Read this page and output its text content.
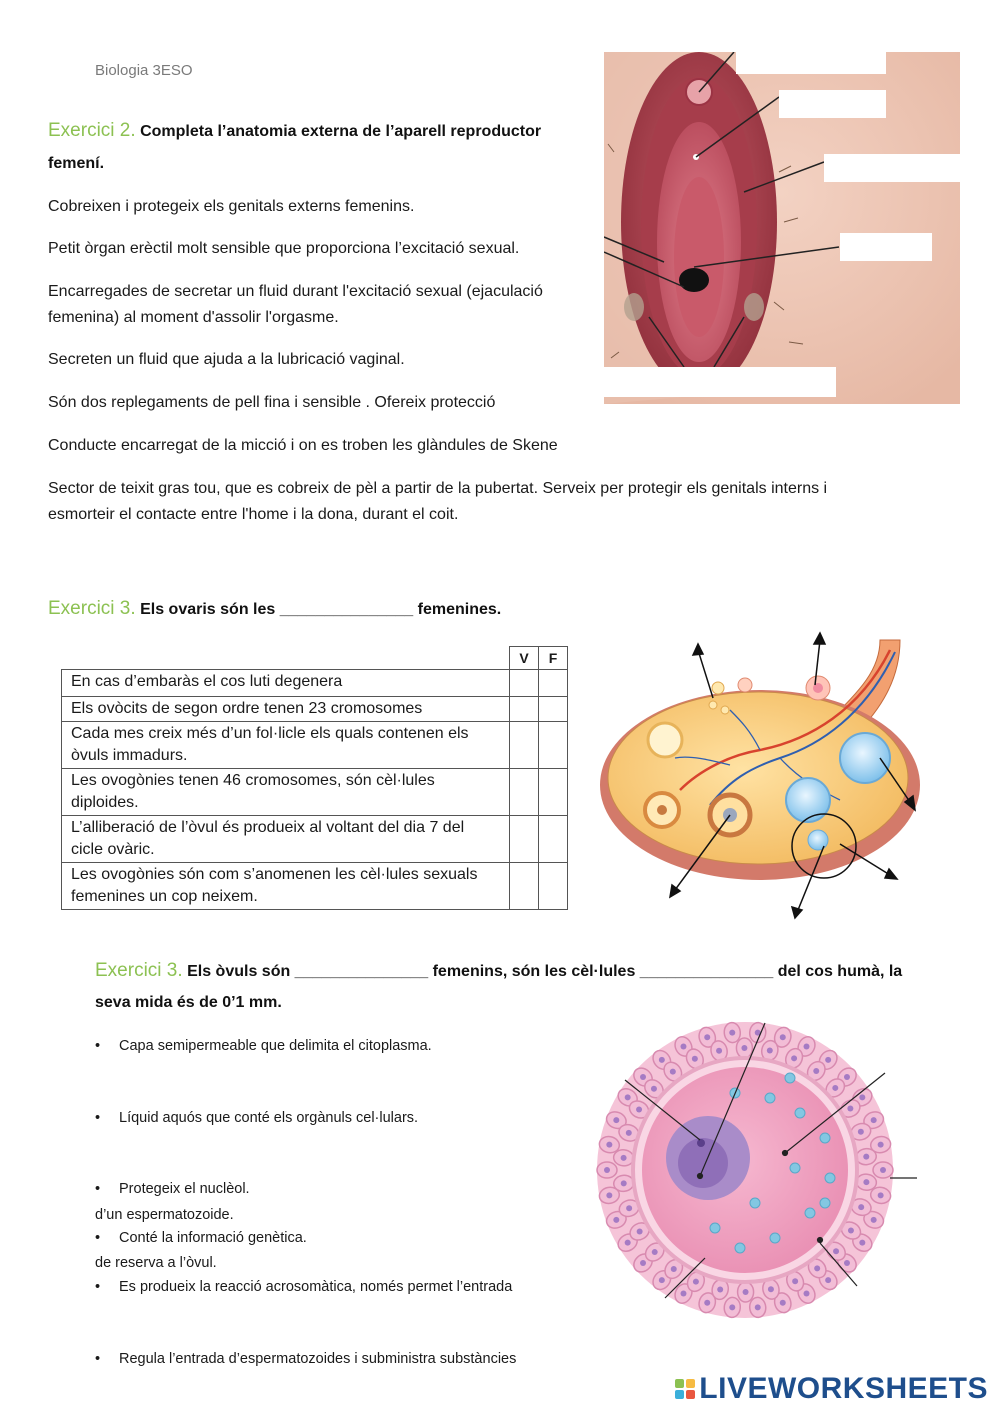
Biologia 3ESO
Exercici 2. Completa l’anatomia externa de l’aparell reproductor
femení.
Cobreixen i protegeix els genitals externs femenins.
Petit òrgan erèctil molt sensible que proporciona l’excitació sexual.
Encarregades de secretar un fluid durant l'excitació sexual (ejaculació
femenina) al moment d'assolir l'orgasme.
Secreten un fluid que ajuda a la lubricació vaginal.
Són dos replegaments de pell fina i sensible . Ofereix protecció
Conducte encarregat de la micció i on es troben les glàndules de Skene
Sector de teixit gras tou, que es cobreix de pèl a partir de la pubertat. Serveix per protegir els genitals interns i
esmorteir el contacte entre l'home i la dona, durant el coit.
Exercici 3. Els ovaris són les _______________ femenines.
	V	F
En cas d’embaràs el cos luti degenera		
Els ovòcits de segon ordre tenen 23 cromosomes		
Cada mes creix més d’un fol·licle els quals contenen els òvuls immadurs.		
Les ovogònies tenen 46 cromosomes, són cèl·lules diploides.		
L’alliberació de l’òvul és produeix al voltant del dia 7 del cicle ovàric.		
Les ovogònies són com s’anomenen les cèl·lules sexuals femenines un cop neixem.		
Exercici 3. Els òvuls són _______________ femenins, són les cèl·lules _______________ del cos humà, la
seva mida és de 0’1 mm.
• Capa semipermeable que delimita el citoplasma.
• Líquid aquós que conté els orgànuls cel·lulars.
• Protegeix el nuclèol.
• Conté la informació genètica.
• Es produeix la reacció acrosomàtica, només permet l’entrada
d’un espermatozoide.
• Regula l’entrada d’espermatozoides i subministra substàncies
de reserva a l’òvul.
LIVEWORKSHEETS
